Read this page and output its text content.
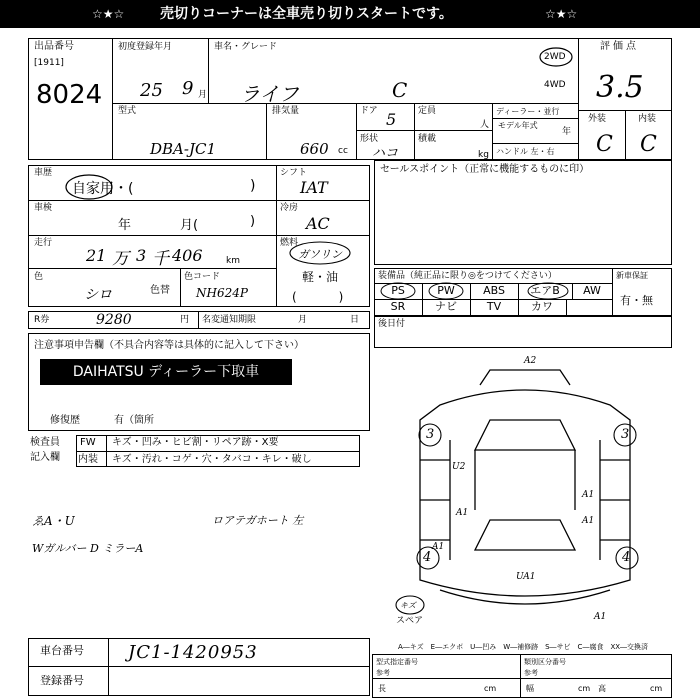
☆★☆	売切りコーナーは全車売り切りスタートです。	☆★☆
出品番号
[1911]
8024
初度登録年月
25 9 月
車名・グレード
ライフ	C
2WD
4WD
評価点
3.5
外装	内装
C C
型式
DBA-JC1
排気量
660 cc
ドア 5
形状
ハコ
定員
人
積載
kg
ディーラー・並行
モデル年式
年
ハンドル 左・右
車歴
自家用・(	)
車検
年	月(	)
走行
21 万 3 千 406	km
色
シロ	色替
色コード
NH624P
シフト
IAT
冷房
AC
燃料
ガソリン
軽・油
(　　)
R券	9280	円 名変通知期限	月	日
セールスポイント（正常に機能するものに印）
装備品（純正品に限り◎をつけてください）	新車保証
有・無
PS	PW	ABS	エアB	AW
SR	ナビ	TV	カワ
後日付
注意事項申告欄（不具合内容等は具体的に記入して下さい）
DAIHATSU ディーラー下取車
修復歴	有（箇所
検査員
記入欄
FW キズ・凹み・ヒビ割・リペア跡・X要
内装 キズ・汚れ・コゲ・穴・タバコ・キレ・破し
ゑA・U	ロアテガホート 左
Wガルバー D ミラーA
A2
3	3
U2
A1
A1
A1
A1
4	4
UA1
A1
キズ
スペア
A―キズ　E―エクボ　U―凹み　W―補修跡　S―サビ　C―腐食　XX―交換済
車台番号 JC1-1420953
登録番号
型式指定番号
参考
類別区分番号
参考
長	cm	幅	cm 高	cm
